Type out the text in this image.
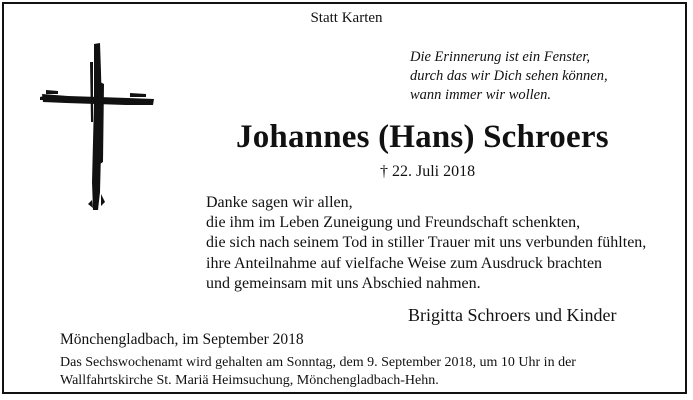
Statt Karten
Die Erinnerung ist ein Fenster,
durch das wir Dich sehen können,
wann immer wir wollen.
Johannes (Hans) Schroers
† 22. Juli 2018
Danke sagen wir allen,
die ihm im Leben Zuneigung und Freundschaft schenkten,
die sich nach seinem Tod in stiller Trauer mit uns verbunden fühlten,
ihre Anteilnahme auf vielfache Weise zum Ausdruck brachten
und gemeinsam mit uns Abschied nahmen.
Brigitta Schroers und Kinder
Mönchengladbach, im September 2018
Das Sechswochenamt wird gehalten am Sonntag, dem 9. September 2018, um 10 Uhr in der
Wallfahrtskirche St. Mariä Heimsuchung, Mönchengladbach-Hehn.
